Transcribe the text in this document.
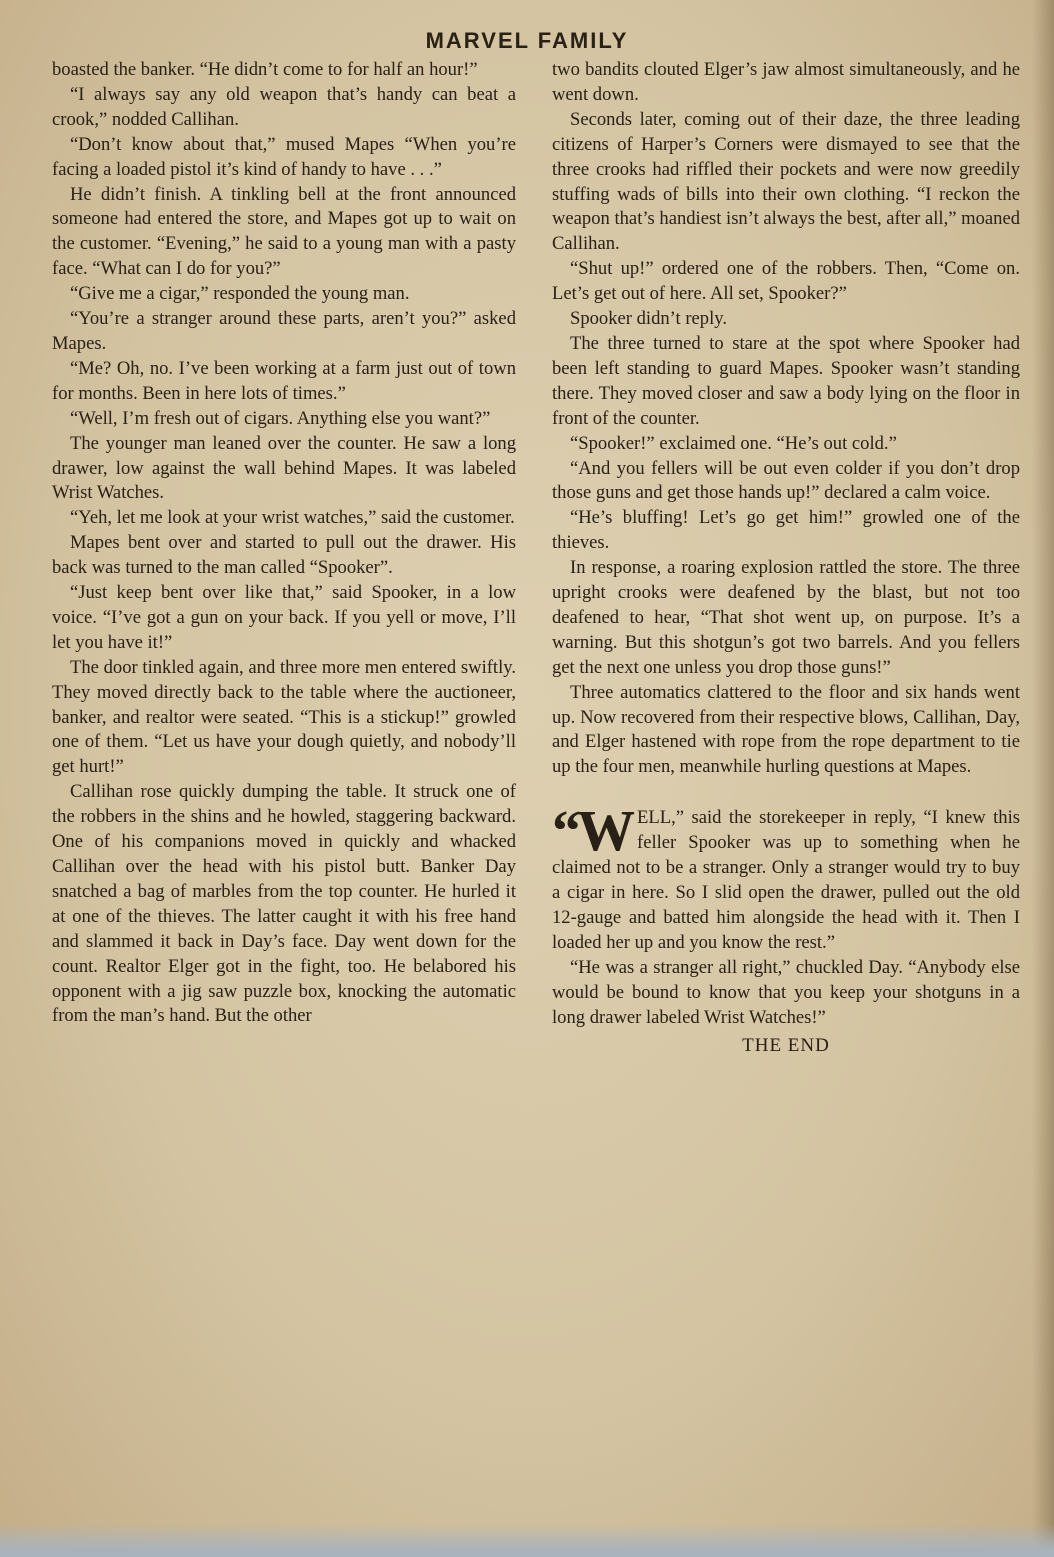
MARVEL FAMILY

boasted the banker. “He didn’t come to for half an hour!”

“I always say any old weapon that’s handy can beat a crook,” nodded Callihan.

“Don’t know about that,” mused Mapes “When you’re facing a loaded pistol it’s kind of handy to have . . .”

He didn’t finish. A tinkling bell at the front announced someone had entered the store, and Mapes got up to wait on the customer. “Evening,” he said to a young man with a pasty face. “What can I do for you?”

“Give me a cigar,” responded the young man.

“You’re a stranger around these parts, aren’t you?” asked Mapes.

“Me? Oh, no. I’ve been working at a farm just out of town for months. Been in here lots of times.”

“Well, I’m fresh out of cigars. Anything else you want?”

The younger man leaned over the counter. He saw a long drawer, low against the wall behind Mapes. It was labeled Wrist Watches.

“Yeh, let me look at your wrist watches,” said the customer.

Mapes bent over and started to pull out the drawer. His back was turned to the man called “Spooker”.

“Just keep bent over like that,” said Spooker, in a low voice. “I’ve got a gun on your back. If you yell or move, I’ll let you have it!”

The door tinkled again, and three more men entered swiftly. They moved directly back to the table where the auctioneer, banker, and realtor were seated. “This is a stickup!” growled one of them. “Let us have your dough quietly, and nobody’ll get hurt!”

Callihan rose quickly dumping the table. It struck one of the robbers in the shins and he howled, staggering backward. One of his companions moved in quickly and whacked Callihan over the head with his pistol butt. Banker Day snatched a bag of marbles from the top counter. He hurled it at one of the thieves. The latter caught it with his free hand and slammed it back in Day’s face. Day went down for the count. Realtor Elger got in the fight, too. He belabored his opponent with a jig saw puzzle box, knocking the automatic from the man’s hand. But the other

two bandits clouted Elger’s jaw almost simultaneously, and he went down.

Seconds later, coming out of their daze, the three leading citizens of Harper’s Corners were dismayed to see that the three crooks had riffled their pockets and were now greedily stuffing wads of bills into their own clothing. “I reckon the weapon that’s handiest isn’t always the best, after all,” moaned Callihan.

“Shut up!” ordered one of the robbers. Then, “Come on. Let’s get out of here. All set, Spooker?”

Spooker didn’t reply.

The three turned to stare at the spot where Spooker had been left standing to guard Mapes. Spooker wasn’t standing there. They moved closer and saw a body lying on the floor in front of the counter.

“Spooker!” exclaimed one. “He’s out cold.”

“And you fellers will be out even colder if you don’t drop those guns and get those hands up!” declared a calm voice.

“He’s bluffing! Let’s go get him!” growled one of the thieves.

In response, a roaring explosion rattled the store. The three upright crooks were deafened by the blast, but not too deafened to hear, “That shot went up, on purpose. It’s a warning. But this shotgun’s got two barrels. And you fellers get the next one unless you drop those guns!”

Three automatics clattered to the floor and six hands went up. Now recovered from their respective blows, Callihan, Day, and Elger hastened with rope from the rope department to tie up the four men, meanwhile hurling questions at Mapes.

“WELL,” said the storekeeper in reply, “I knew this feller Spooker was up to something when he claimed not to be a stranger. Only a stranger would try to buy a cigar in here. So I slid open the drawer, pulled out the old 12-gauge and batted him alongside the head with it. Then I loaded her up and you know the rest.”

“He was a stranger all right,” chuckled Day. “Anybody else would be bound to know that you keep your shotguns in a long drawer labeled Wrist Watches!”

THE END
